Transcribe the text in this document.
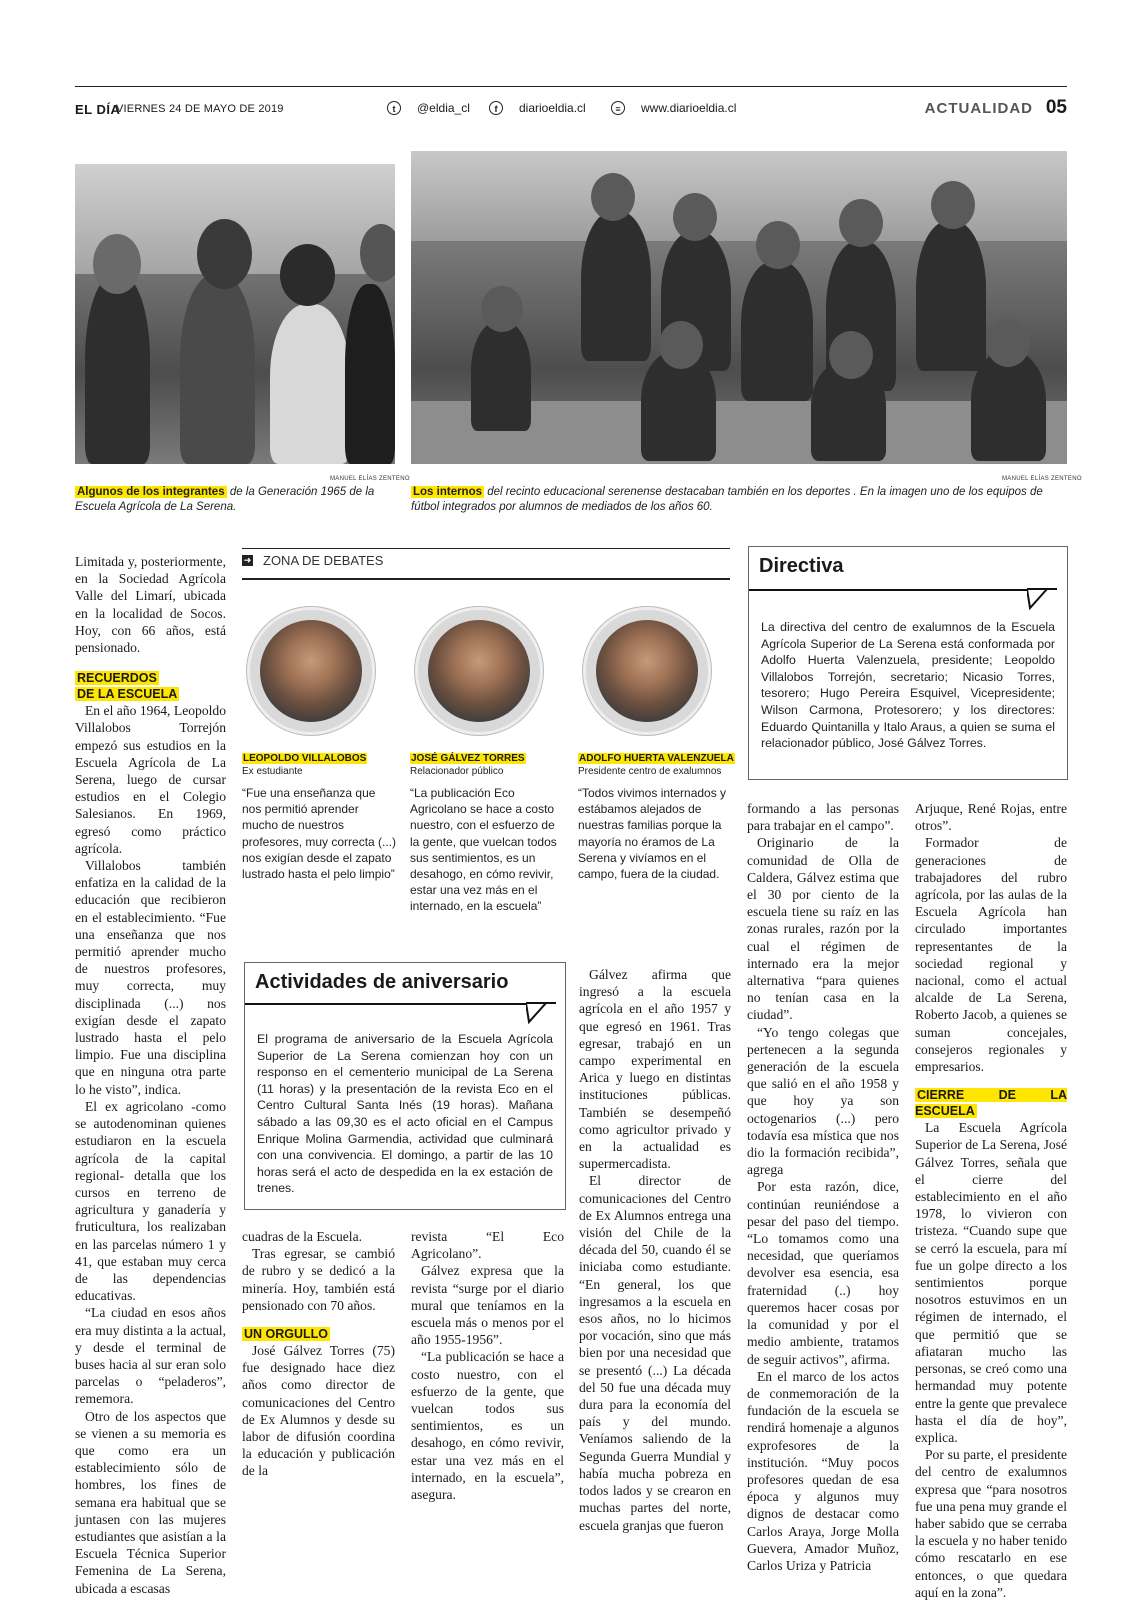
EL DÍA
VIERNES 24 DE MAYO DE 2019	t	@eldia_cl	f	diarioeldia.cl	≡	www.diarioeldia.cl	ACTUALIDAD 05
MANUEL ELÍAS ZENTENO
Algunos de los integrantes de la Generación 1965 de la Escuela Agrícola de La Serena.
MANUEL ELÍAS ZENTENO
Los internos del recinto educacional serenense destacaban también en los deportes . En la imagen uno de los equipos de fútbol integrados por alumnos de mediados de los años 60.

Limitada y, posteriormente, en la Sociedad Agrícola Valle del Limarí, ubicada en la localidad de Socos. Hoy, con 66 años, está pensionado.

RECUERDOS
DE LA ESCUELA

En el año 1964, Leopoldo Villalobos Torrejón empezó sus estudios en la Escuela Agrícola de La Serena, luego de cursar estudios en el Colegio Salesianos. En 1969, egresó como práctico agrícola.

Villalobos también enfatiza en la calidad de la educación que recibieron en el establecimiento. “Fue una enseñanza que nos permitió aprender mucho de nuestros profesores, muy correcta, muy disciplinada (...) nos exigían desde el zapato lustrado hasta el pelo limpio. Fue una disciplina que en ninguna otra parte lo he visto”, indica.

El ex agricolano -como se autodenominan quienes estudiaron en la escuela agrícola de la capital regional- detalla que los cursos en terreno de agricultura y ganadería y fruticultura, los realizaban en las parcelas número 1 y 41, que estaban muy cerca de las dependencias educativas.

“La ciudad en esos años era muy distinta a la actual, y desde el terminal de buses hacia al sur eran solo parcelas o “peladeros”, rememora.

Otro de los aspectos que se vienen a su memoria es que como era un establecimiento sólo de hombres, los fines de semana era habitual que se juntasen con las mujeres estudiantes que asistían a la Escuela Técnica Superior Femenina de La Serena, ubicada a escasas

➜ ZONA DE DEBATES
LEOPOLDO VILLALOBOS
Ex estudiante
“Fue una enseñanza que nos permitió aprender mucho de nuestros profesores, muy correcta (...) nos exigían desde el zapato lustrado hasta el pelo limpio”
JOSÉ GÁLVEZ TORRES
Relacionador público
“La publicación Eco Agricolano se hace a costo nuestro, con el esfuerzo de la gente, que vuelcan todos sus sentimientos, es un desahogo, en cómo revivir, estar una vez más en el internado, en la escuela”
ADOLFO HUERTA VALENZUELA
Presidente centro de exalumnos
“Todos vivimos internados y estábamos alejados de nuestras familias porque la mayoría no éramos de La Serena y vivíamos en el campo, fuera de la ciudad.
Directiva
La directiva del centro de exalumnos de la Escuela Agrícola Superior de La Serena está conformada por Adolfo Huerta Valenzuela, presidente; Leopoldo Villalobos Torrejón, secretario; Nicasio Torres, tesorero; Hugo Pereira Esquivel, Vicepresidente; Wilson Carmona, Protesorero; y los directores: Eduardo Quintanilla y Italo Araus, a quien se suma el relacionador público, José Gálvez Torres.
Actividades de aniversario
El programa de aniversario de la Escuela Agrícola Superior de La Serena comienzan hoy con un responso en el cementerio municipal de La Serena (11 horas) y la presentación de la revista Eco en el Centro Cultural Santa Inés (19 horas). Mañana sábado a las 09,30 es el acto oficial en el Campus Enrique Molina Garmendia, actividad que culminará con una convivencia. El domingo, a partir de las 10 horas será el acto de despedida en la ex estación de trenes.

cuadras de la Escuela.

Tras egresar, se cambió de rubro y se dedicó a la minería. Hoy, también está pensionado con 70 años.

UN ORGULLO

José Gálvez Torres (75) fue designado hace diez años como director de comunicaciones del Centro de Ex Alumnos y desde su labor de difusión coordina la educación y publicación de la

revista “El Eco Agricolano”.

Gálvez expresa que la revista “surge por el diario mural que teníamos en la escuela más o menos por el año 1955-1956”.

“La publicación se hace a costo nuestro, con el esfuerzo de la gente, que vuelcan todos sus sentimientos, es un desahogo, en cómo revivir, estar una vez más en el internado, en la escuela”, asegura.

Gálvez afirma que ingresó a la escuela agrícola en el año 1957 y que egresó en 1961. Tras egresar, trabajó en un campo experimental en Arica y luego en distintas instituciones públicas. También se desempeñó como agricultor privado y en la actualidad es supermercadista.

El director de comunicaciones del Centro de Ex Alumnos entrega una visión del Chile de la década del 50, cuando él se iniciaba como estudiante. “En general, los que ingresamos a la escuela en esos años, no lo hicimos por vocación, sino que más bien por una necesidad que se presentó (...) La década del 50 fue una década muy dura para la economía del país y del mundo. Veníamos saliendo de la Segunda Guerra Mundial y había mucha pobreza en todos lados y se crearon en muchas partes del norte, escuela granjas que fueron

formando a las personas para trabajar en el campo”.

Originario de la comunidad de Olla de Caldera, Gálvez estima que el 30 por ciento de la escuela tiene su raíz en las zonas rurales, razón por la cual el régimen de internado era la mejor alternativa “para quienes no tenían casa en la ciudad”.

“Yo tengo colegas que pertenecen a la segunda generación de la escuela que salió en el año 1958 y que hoy ya son octogenarios (...) pero todavía esa mística que nos dio la formación recibida”, agrega

Por esta razón, dice, continúan reuniéndose a pesar del paso del tiempo. “Lo tomamos como una necesidad, que queríamos devolver esa esencia, esa fraternidad (..) hoy queremos hacer cosas por la comunidad y por el medio ambiente, tratamos de seguir activos”, afirma.

En el marco de los actos de conmemoración de la fundación de la escuela se rendirá homenaje a algunos exprofesores de la institución. “Muy pocos profesores quedan de esa época y algunos muy dignos de destacar como Carlos Araya, Jorge Molla Guevera, Amador Muñoz, Carlos Uriza y Patricia

Arjuque, René Rojas, entre otros”.

Formador de generaciones de trabajadores del rubro agrícola, por las aulas de la Escuela Agrícola han circulado importantes representantes de la sociedad regional y nacional, como el actual alcalde de La Serena, Roberto Jacob, a quienes se suman concejales, consejeros regionales y empresarios.

CIERRE DE LA ESCUELA

La Escuela Agrícola Superior de La Serena, José Gálvez Torres, señala que el cierre del establecimiento en el año 1978, lo vivieron con tristeza. “Cuando supe que se cerró la escuela, para mí fue un golpe directo a los sentimientos porque nosotros estuvimos en un régimen de internado, el que permitió que se afiataran mucho las personas, se creó como una hermandad muy potente entre la gente que prevalece hasta el día de hoy”, explica.

Por su parte, el presidente del centro de exalumnos expresa que “para nosotros fue una pena muy grande el haber sabido que se cerraba la escuela y no haber tenido cómo rescatarlo en ese entonces, o que quedara aquí en la zona”.
